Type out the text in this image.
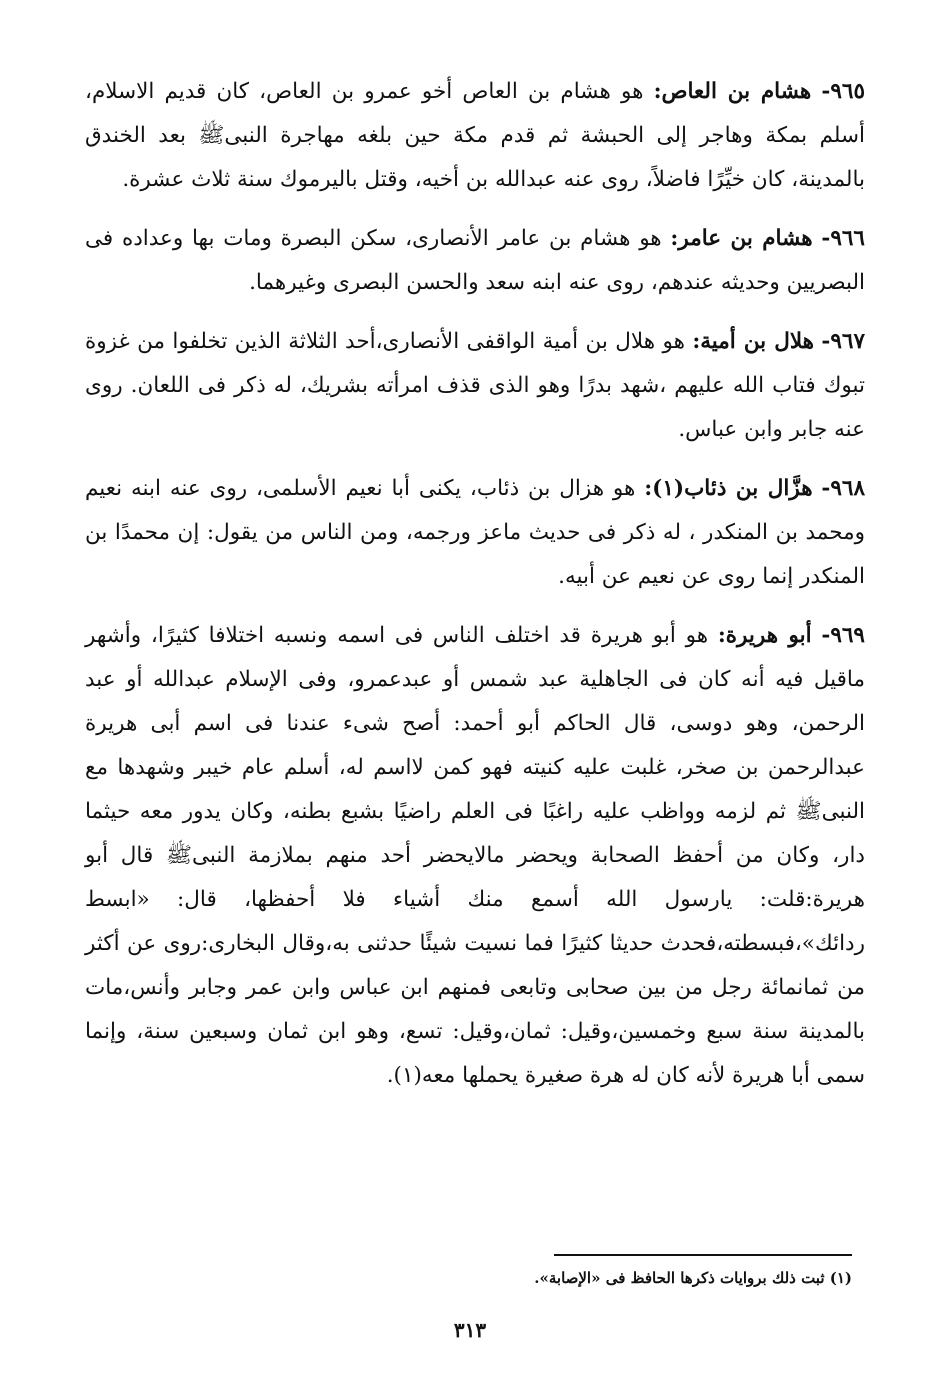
٩٦٥- هشام بن العاص: هو هشام بن العاص أخو عمرو بن العاص، كان قديم الاسلام، أسلم بمكة وهاجر إلى الحبشة ثم قدم مكة حين بلغه مهاجرة النبىﷺ بعد الخندق بالمدينة، كان خيِّرًا فاضلاً، روى عنه عبدالله بن أخيه، وقتل باليرموك سنة ثلاث عشرة.

٩٦٦- هشام بن عامر: هو هشام بن عامر الأنصارى، سكن البصرة ومات بها وعداده فى البصريين وحديثه عندهم، روى عنه ابنه سعد والحسن البصرى وغيرهما.

٩٦٧- هلال بن أمية: هو هلال بن أمية الواقفى الأنصارى،أحد الثلاثة الذين تخلفوا من غزوة تبوك فتاب الله عليهم ،شهد بدرًا وهو الذى قذف امرأته بشريك، له ذكر فى اللعان. روى عنه جابر وابن عباس.

٩٦٨- هزَّال بن ذئاب(١): هو هزال بن ذئاب، يكنى أبا نعيم الأسلمى، روى عنه ابنه نعيم ومحمد بن المنكدر ، له ذكر فى حديث ماعز ورجمه، ومن الناس من يقول: إن محمدًا بن المنكدر إنما روى عن نعيم عن أبيه.

٩٦٩- أبو هريرة: هو أبو هريرة قد اختلف الناس فى اسمه ونسبه اختلافا كثيرًا، وأشهر ماقيل فيه أنه كان فى الجاهلية عبد شمس أو عبدعمرو، وفى الإسلام عبدالله أو عبد الرحمن، وهو دوسى، قال الحاكم أبو أحمد: أصح شىء عندنا فى اسم أبى هريرة عبدالرحمن بن صخر، غلبت عليه كنيته فهو كمن لااسم له، أسلم عام خيبر وشهدها مع النبىﷺ ثم لزمه وواظب عليه راغبًا فى العلم راضيًا بشبع بطنه، وكان يدور معه حيثما دار، وكان من أحفظ الصحابة ويحضر مالايحضر أحد منهم بملازمة النبىﷺ قال أبو هريرة:قلت: يارسول الله أسمع منك أشياء فلا أحفظها، قال: «ابسط ردائك»،فبسطته،فحدث حديثا كثيرًا فما نسيت شيئًا حدثنى به،وقال البخارى:روى عن أكثر من ثمانمائة رجل من بين صحابى وتابعى فمنهم ابن عباس وابن عمر وجابر وأنس،مات بالمدينة سنة سبع وخمسين،وقيل: ثمان،وقيل: تسع، وهو ابن ثمان وسبعين سنة، وإنما سمى أبا هريرة لأنه كان له هرة صغيرة يحملها معه(١).

(١) ثبت ذلك بروايات ذكرها الحافظ فى «الإصابة».
٣١٣
